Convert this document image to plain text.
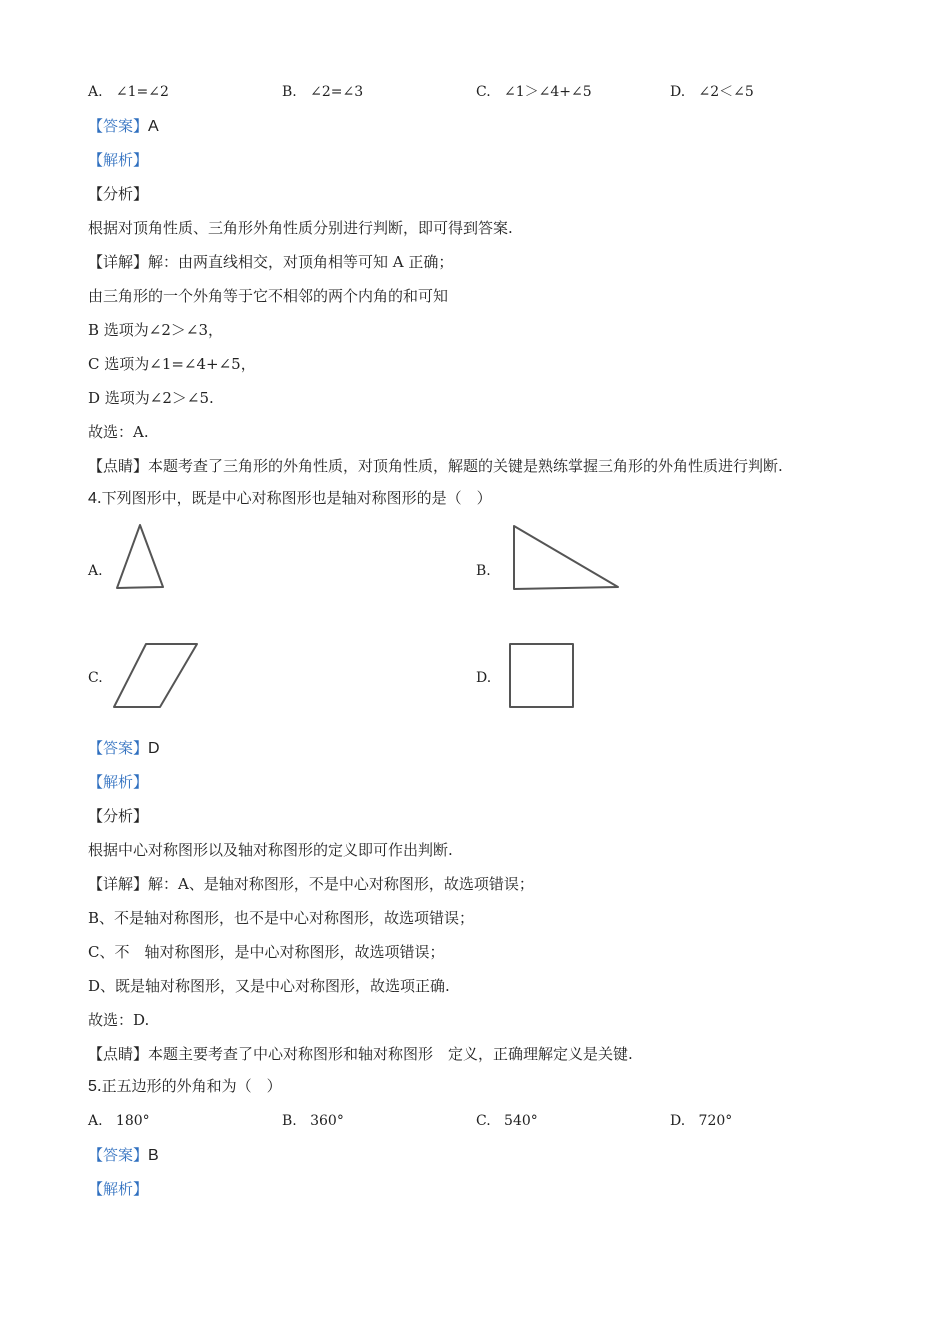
A. ∠1=∠2	B. ∠2=∠3	C. ∠1＞∠4+∠5	D. ∠2＜∠5
【答案】A
【解析】
【分析】
根据对顶角性质、三角形外角性质分别进行判断，即可得到答案.
【详解】解：由两直线相交，对顶角相等可知 A 正确；
由三角形的一个外角等于它不相邻的两个内角的和可知
B 选项为∠2＞∠3，
C 选项为∠1=∠4+∠5，
D 选项为∠2＞∠5.
故选：A.
【点睛】本题考查了三角形的外角性质，对顶角性质，解题的关键是熟练掌握三角形的外角性质进行判断.
4.下列图形中，既是中心对称图形也是轴对称图形的是（　）
A.	B.
C.	D.
【答案】D
【解析】
【分析】
根据中心对称图形以及轴对称图形的定义即可作出判断.
【详解】解：A、是轴对称图形，不是中心对称图形，故选项错误；
B、不是轴对称图形，也不是中心对称图形，故选项错误；
C、不　轴对称图形，是中心对称图形，故选项错误；
D、既是轴对称图形，又是中心对称图形，故选项正确.
故选：D.
【点睛】本题主要考查了中心对称图形和轴对称图形　定义，正确理解定义是关键.
5.正五边形的外角和为（　）
A. 180°	B. 360°	C. 540°	D. 720°
【答案】B
【解析】
